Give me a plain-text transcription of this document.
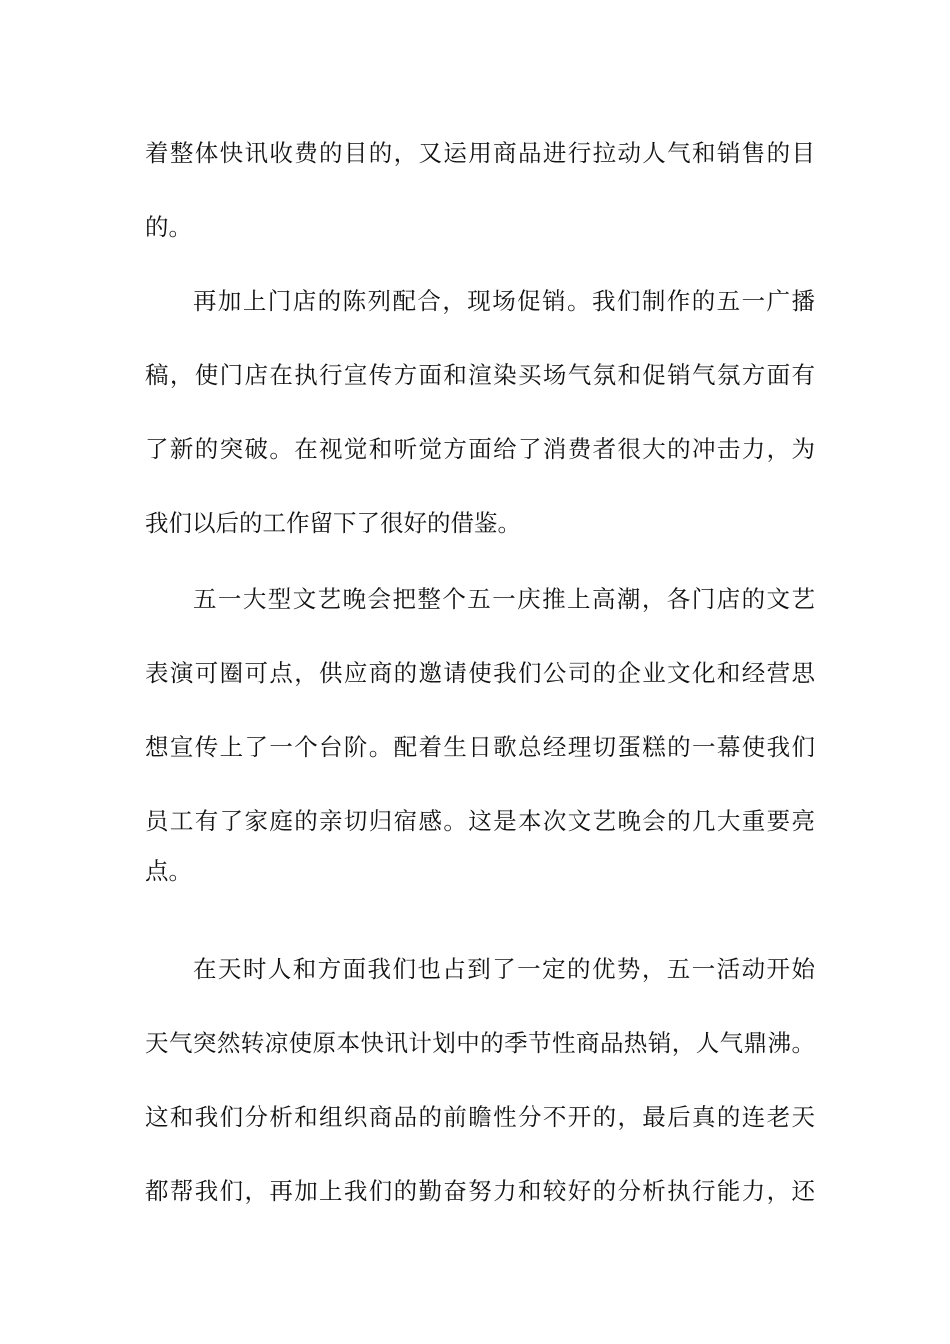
着整体快讯收费的目的，又运用商品进行拉动人气和销售的目
的。
再加上门店的陈列配合，现场促销。我们制作的五一广播
稿，使门店在执行宣传方面和渲染买场气氛和促销气氛方面有
了新的突破。在视觉和听觉方面给了消费者很大的冲击力，为
我们以后的工作留下了很好的借鉴。
五一大型文艺晚会把整个五一庆推上高潮，各门店的文艺
表演可圈可点，供应商的邀请使我们公司的企业文化和经营思
想宣传上了一个台阶。配着生日歌总经理切蛋糕的一幕使我们
员工有了家庭的亲切归宿感。这是本次文艺晚会的几大重要亮
点。
在天时人和方面我们也占到了一定的优势，五一活动开始
天气突然转凉使原本快讯计划中的季节性商品热销，人气鼎沸。
这和我们分析和组织商品的前瞻性分不开的，最后真的连老天
都帮我们，再加上我们的勤奋努力和较好的分析执行能力，还
